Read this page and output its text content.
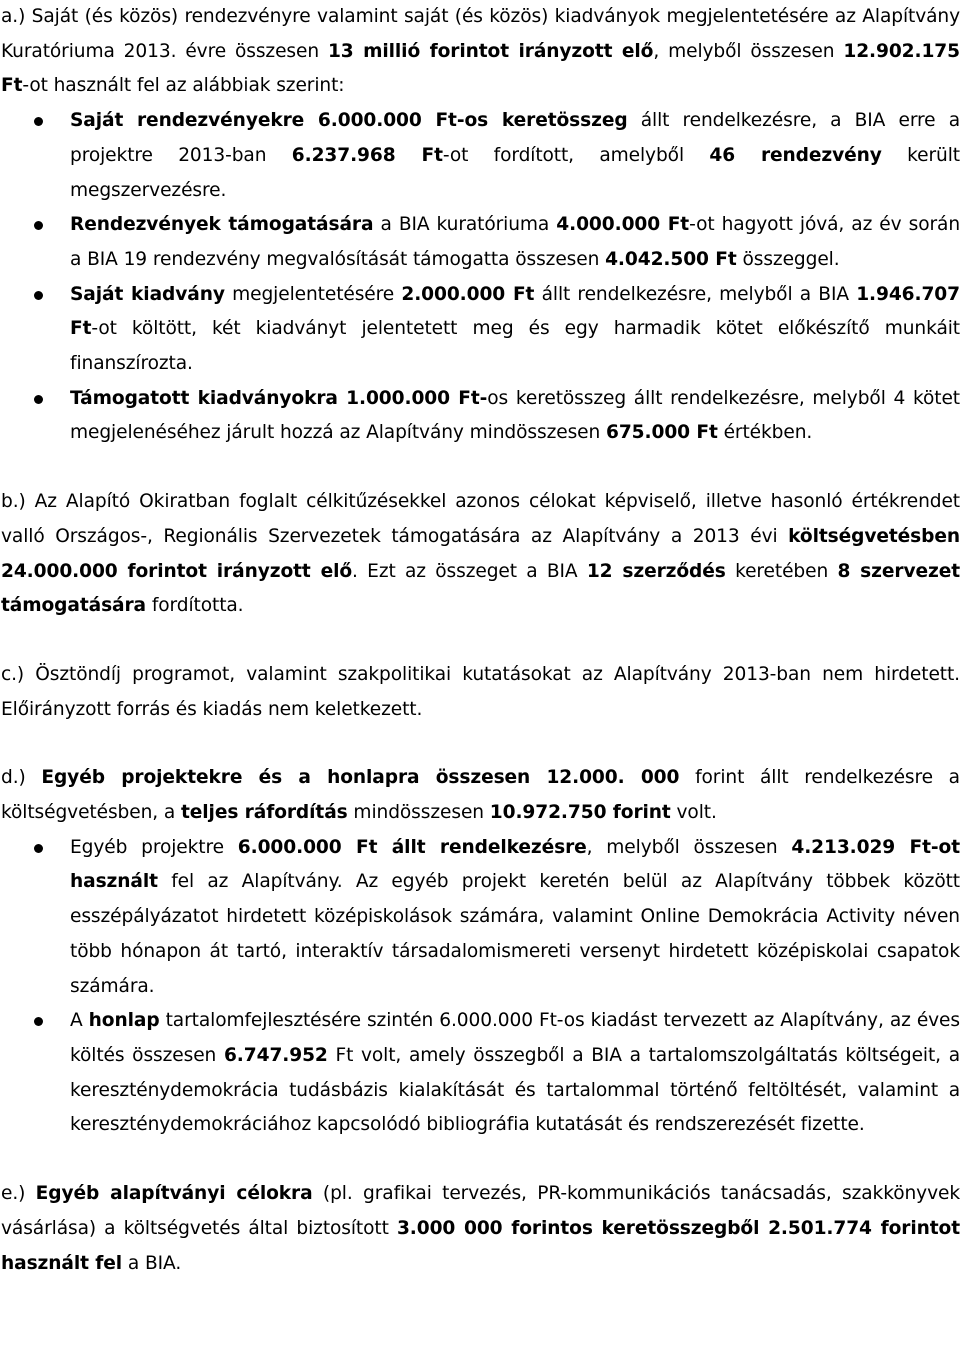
a.) Saját (és közös) rendezvényre valamint saját (és közös) kiadványok megjelentetésére az Alapítvány Kuratóriuma 2013. évre összesen 13 millió forintot irányzott elő, melyből összesen 12.902.175 Ft-ot használt fel az alábbiak szerint:

Saját rendezvényekre 6.000.000 Ft-os keretösszeg állt rendelkezésre, a BIA erre a projektre 2013-ban 6.237.968 Ft-ot fordított, amelyből 46 rendezvény került megszervezésre.
Rendezvények támogatására a BIA kuratóriuma 4.000.000 Ft-ot hagyott jóvá, az év során a BIA 19 rendezvény megvalósítását támogatta összesen 4.042.500 Ft összeggel.
Saját kiadvány megjelentetésére 2.000.000 Ft állt rendelkezésre, melyből a BIA 1.946.707 Ft-ot költött, két kiadványt jelentetett meg és egy harmadik kötet előkészítő munkáit finanszírozta.
Támogatott kiadványokra 1.000.000 Ft-os keretösszeg állt rendelkezésre, melyből 4 kötet megjelenéséhez járult hozzá az Alapítvány mindösszesen 675.000 Ft értékben.

b.) Az Alapító Okiratban foglalt célkitűzésekkel azonos célokat képviselő, illetve hasonló értékrendet valló Országos-, Regionális Szervezetek támogatására az Alapítvány a 2013 évi költségvetésben 24.000.000 forintot irányzott elő. Ezt az összeget a BIA 12 szerződés keretében 8 szervezet támogatására fordította.

c.) Ösztöndíj programot, valamint szakpolitikai kutatásokat az Alapítvány 2013-ban nem hirdetett. Előirányzott forrás és kiadás nem keletkezett.

d.) Egyéb projektekre és a honlapra összesen 12.000. 000 forint állt rendelkezésre a költségvetésben, a teljes ráfordítás mindösszesen 10.972.750 forint volt.

Egyéb projektre 6.000.000 Ft állt rendelkezésre, melyből összesen 4.213.029 Ft-ot használt fel az Alapítvány. Az egyéb projekt keretén belül az Alapítvány többek között esszépályázatot hirdetett középiskolások számára, valamint Online Demokrácia Activity néven több hónapon át tartó, interaktív társadalomismereti versenyt hirdetett középiskolai csapatok számára.
A honlap tartalomfejlesztésére szintén 6.000.000 Ft-os kiadást tervezett az Alapítvány, az éves költés összesen 6.747.952 Ft volt, amely összegből a BIA a tartalomszolgáltatás költségeit, a kereszténydemokrácia tudásbázis kialakítását és tartalommal történő feltöltését, valamint a kereszténydemokráciához kapcsolódó bibliográfia kutatását és rendszerezését fizette.

e.) Egyéb alapítványi célokra (pl. grafikai tervezés, PR-kommunikációs tanácsadás, szakkönyvek vásárlása) a költségvetés által biztosított 3.000 000 forintos keretösszegből 2.501.774 forintot használt fel a BIA.
